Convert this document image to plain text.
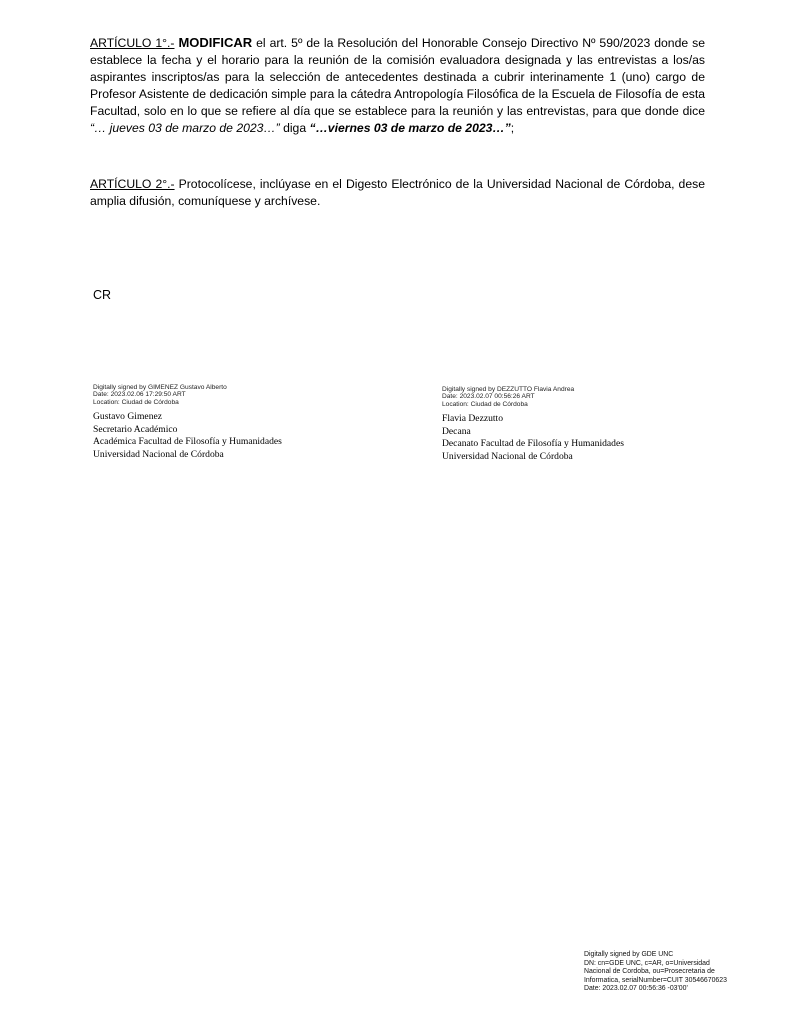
ARTÍCULO 1°.- MODIFICAR el art. 5º de la Resolución del Honorable Consejo Directivo Nº 590/2023 donde se establece la fecha y el horario para la reunión de la comisión evaluadora designada y las entrevistas a los/as aspirantes inscriptos/as para la selección de antecedentes destinada a cubrir interinamente 1 (uno) cargo de Profesor Asistente de dedicación simple para la cátedra Antropología Filosófica de la Escuela de Filosofía de esta Facultad, solo en lo que se refiere al día que se establece para la reunión y las entrevistas, para que donde dice “… jueves 03 de marzo de 2023…” diga “…viernes 03 de marzo de 2023…”;
ARTÍCULO 2°.- Protocolícese, inclúyase en el Digesto Electrónico de la Universidad Nacional de Córdoba, dese amplia difusión, comuníquese y archívese.
CR
Digitally signed by GIMENEZ Gustavo Alberto
Date: 2023.02.06 17:29:50 ART
Location: Ciudad de Córdoba
Gustavo Gimenez
Secretario Académico
Académica Facultad de Filosofía y Humanidades
Universidad Nacional de Córdoba
Digitally signed by DEZZUTTO Flavia Andrea
Date: 2023.02.07 00:56:26 ART
Location: Ciudad de Córdoba
Flavia Dezzutto
Decana
Decanato Facultad de Filosofía y Humanidades
Universidad Nacional de Córdoba
Digitally signed by GDE UNC
DN: cn=GDE UNC, c=AR, o=Universidad
Nacional de Cordoba, ou=Prosecretaria de
Informatica, serialNumber=CUIT 30546670623
Date: 2023.02.07 00:56:36 -03'00'
